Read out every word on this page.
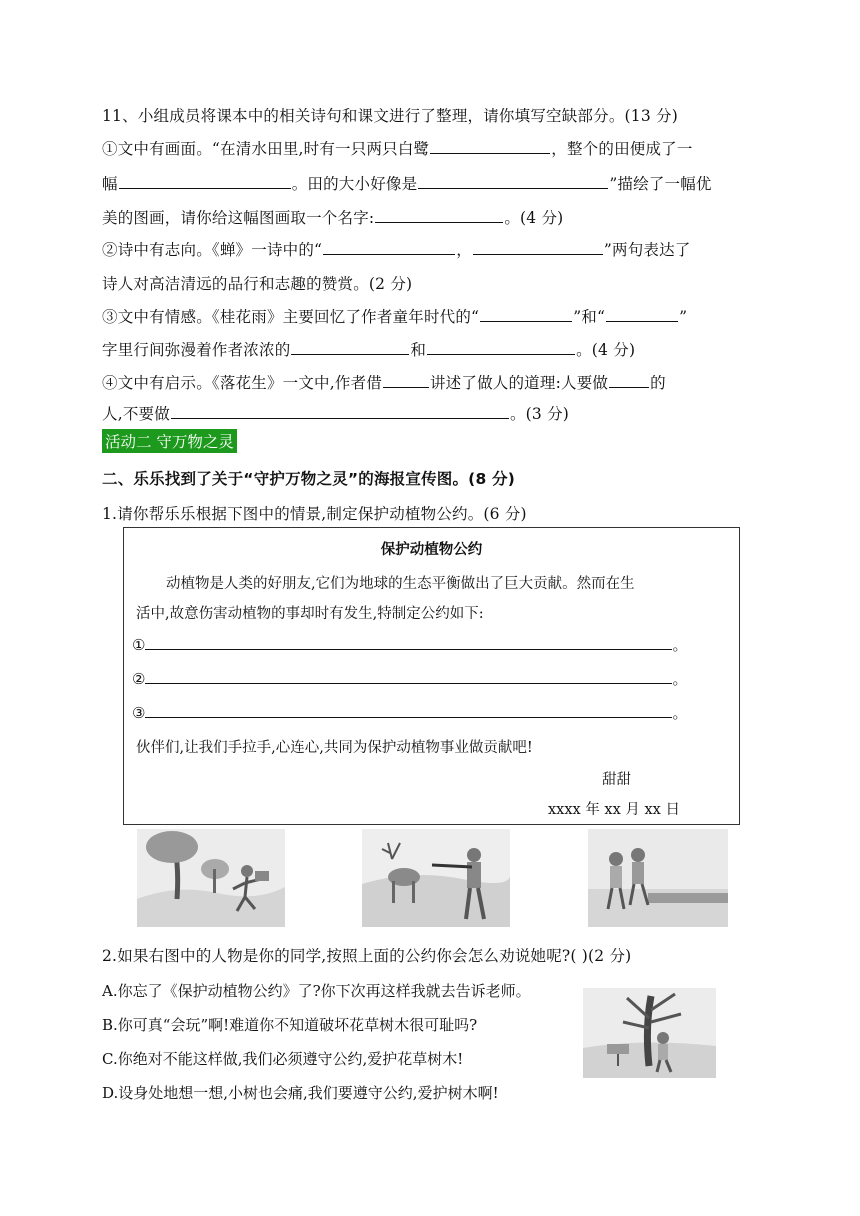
11、小组成员将课本中的相关诗句和课文进行了整理，请你填写空缺部分。(13 分)
①文中有画面。“在清水田里,时有一只两只白鹭	，整个的田便成了一
幅	。田的大小好像是	”描绘了一幅优
美的图画，请你给这幅图画取一个名字:	。(4 分)
②诗中有志向。《蝉》一诗中的“	，	”两句表达了
诗人对高洁清远的品行和志趣的赞赏。(2 分)
③文中有情感。《桂花雨》主要回忆了作者童年时代的“	”和“	”
字里行间弥漫着作者浓浓的	和	。(4 分)
④文中有启示。《落花生》一文中,作者借	讲述了做人的道理:人要做	的
人,不要做	。(3 分)
活动二 守万物之灵
二、乐乐找到了关于“守护万物之灵”的海报宣传图。(8 分)
1.请你帮乐乐根据下图中的情景,制定保护动植物公约。(6 分)
保护动植物公约
动植物是人类的好朋友,它们为地球的生态平衡做出了巨大贡献。然而在生
活中,故意伤害动植物的事却时有发生,特制定公约如下:
①	。
②	。
③	。
伙伴们,让我们手拉手,心连心,共同为保护动植物事业做贡献吧!
甜甜
xxxx 年 xx 月 xx 日
2.如果右图中的人物是你的同学,按照上面的公约你会怎么劝说她呢?( )(2 分)
A.你忘了《保护动植物公约》了?你下次再这样我就去告诉老师。
B.你可真“会玩”啊!难道你不知道破坏花草树木很可耻吗?
C.你绝对不能这样做,我们必须遵守公约,爱护花草树木!
D.设身处地想一想,小树也会痛,我们要遵守公约,爱护树木啊!
